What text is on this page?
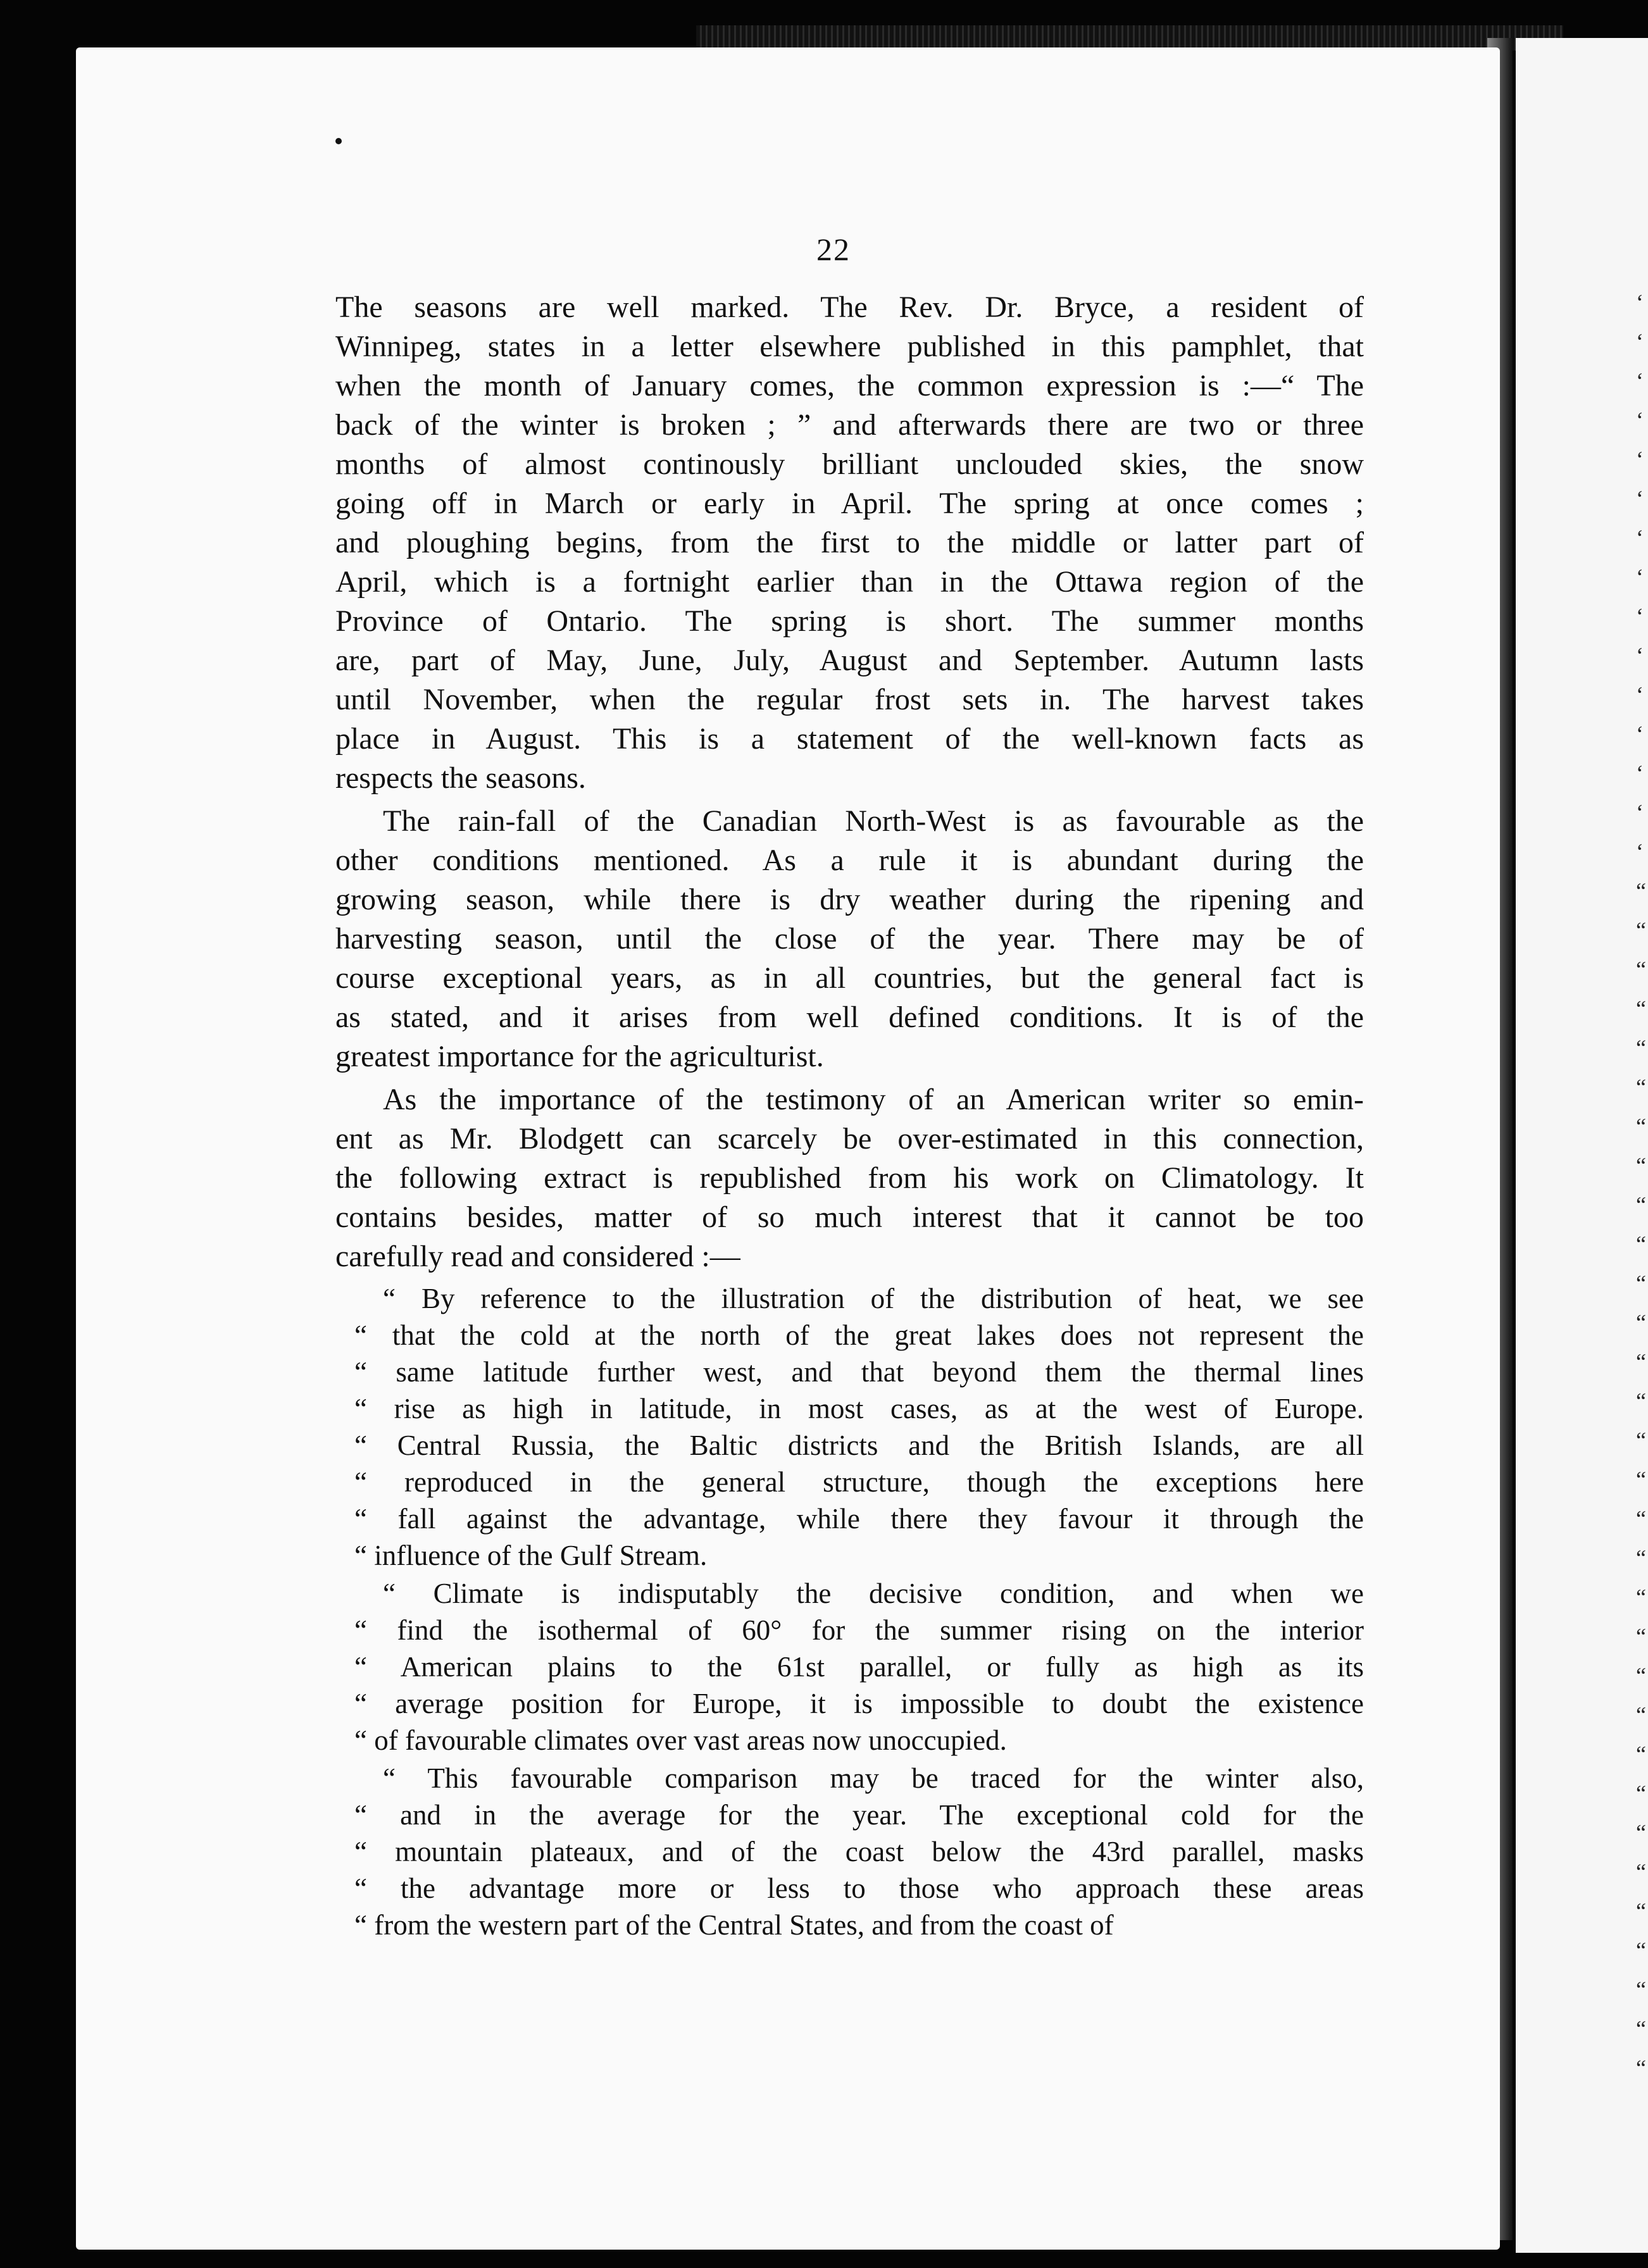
‘
‘
‘
‘
‘
‘
‘
‘
‘
‘
‘
‘
‘
‘
‘
“
“
“
“
“
“
“
“
“
“
“
“
“
“
“
“
“
“
“
“
“
“
“
“
“
“
“
“
“
“
“
22
The seasons are well marked. The Rev. Dr. Bryce, a resident of
Winnipeg, states in a letter elsewhere published in this pamphlet, that
when the month of January comes, the common expression is :—“ The
back of the winter is broken ; ” and afterwards there are two or three
months of almost continously brilliant unclouded skies, the snow
going off in March or early in April. The spring at once comes ;
and ploughing begins, from the first to the middle or latter part of
April, which is a fortnight earlier than in the Ottawa region of the
Province of Ontario. The spring is short. The summer months
are, part of May, June, July, August and September. Autumn lasts
until November, when the regular frost sets in. The harvest takes
place in August. This is a statement of the well-known facts as
respects the seasons.
The rain-fall of the Canadian North-West is as favourable as the
other conditions mentioned. As a rule it is abundant during the
growing season, while there is dry weather during the ripening and
harvesting season, until the close of the year. There may be of
course exceptional years, as in all countries, but the general fact is
as stated, and it arises from well defined conditions. It is of the
greatest importance for the agriculturist.
As the importance of the testimony of an American writer so emin-
ent as Mr. Blodgett can scarcely be over-estimated in this connection,
the following extract is republished from his work on Climatology. It
contains besides, matter of so much interest that it cannot be too
carefully read and considered :—
“ By reference to the illustration of the distribution of heat, we see
“ that the cold at the north of the great lakes does not represent the
“ same latitude further west, and that beyond them the thermal lines
“ rise as high in latitude, in most cases, as at the west of Europe.
“ Central Russia, the Baltic districts and the British Islands, are all
“ reproduced in the general structure, though the exceptions here
“ fall against the advantage, while there they favour it through the
“ influence of the Gulf Stream.
“ Climate is indisputably the decisive condition, and when we
“ find the isothermal of 60° for the summer rising on the interior
“ American plains to the 61st parallel, or fully as high as its
“ average position for Europe, it is impossible to doubt the existence
“ of favourable climates over vast areas now unoccupied.
“ This favourable comparison may be traced for the winter also,
“ and in the average for the year. The exceptional cold for the
“ mountain plateaux, and of the coast below the 43rd parallel, masks
“ the advantage more or less to those who approach these areas
“ from the western part of the Central States, and from the coast of
